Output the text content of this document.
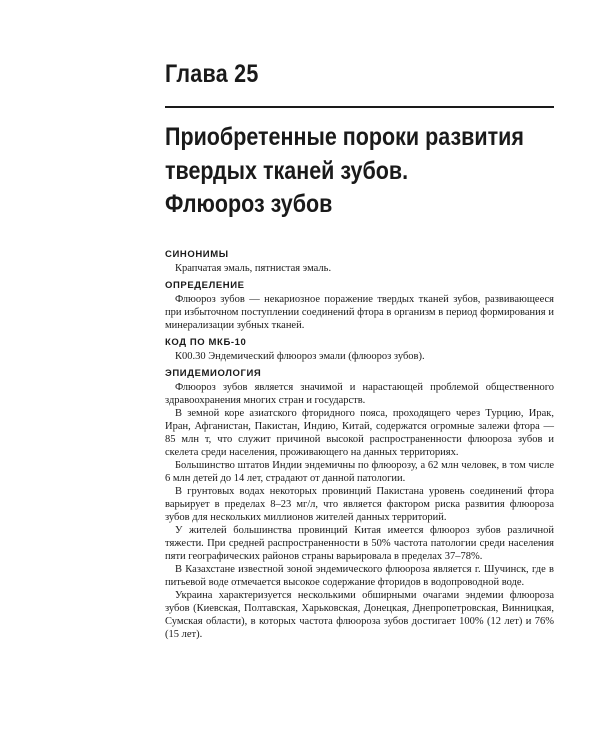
Глава 25
Приобретенные пороки развития
твердых тканей зубов.
Флюороз зубов
СИНОНИМЫ

Крапчатая эмаль, пятнистая эмаль.

ОПРЕДЕЛЕНИЕ

Флюороз зубов — некариозное поражение твердых тканей зубов, развивающееся при избыточном поступлении соединений фтора в организм в период формирования и минерализации зубных тканей.

КОД ПО МКБ-10

К00.30 Эндемический флюороз эмали (флюороз зубов).

ЭПИДЕМИОЛОГИЯ

Флюороз зубов является значимой и нарастающей проблемой общественного здравоохранения многих стран и государств.

В земной коре азиатского фторидного пояса, проходящего через Турцию, Ирак, Иран, Афганистан, Пакистан, Индию, Китай, содержатся огромные залежи фтора — 85 млн т, что служит причиной высокой распространенности флюороза зубов и скелета среди населения, проживающего на данных территориях.

Большинство штатов Индии эндемичны по флюорозу, а 62 млн человек, в том числе 6 млн детей до 14 лет, страдают от данной патологии.

В грунтовых водах некоторых провинций Пакистана уровень соединений фтора варьирует в пределах 8–23 мг/л, что является фактором риска развития флюороза зубов для нескольких миллионов жителей данных территорий.

У жителей большинства провинций Китая имеется флюороз зубов различной тяжести. При средней распространенности в 50% частота патологии среди населения пяти географических районов страны варьировала в пределах 37–78%.

В Казахстане известной зоной эндемического флюороза является г. Шучинск, где в питьевой воде отмечается высокое содержание фторидов в водопроводной воде.

Украина характеризуется несколькими обширными очагами эндемии флюороза зубов (Киевская, Полтавская, Харьковская, Донецкая, Днепропетровская, Винницкая, Сумская области), в которых частота флюороза зубов достигает 100% (12 лет) и 76% (15 лет).
